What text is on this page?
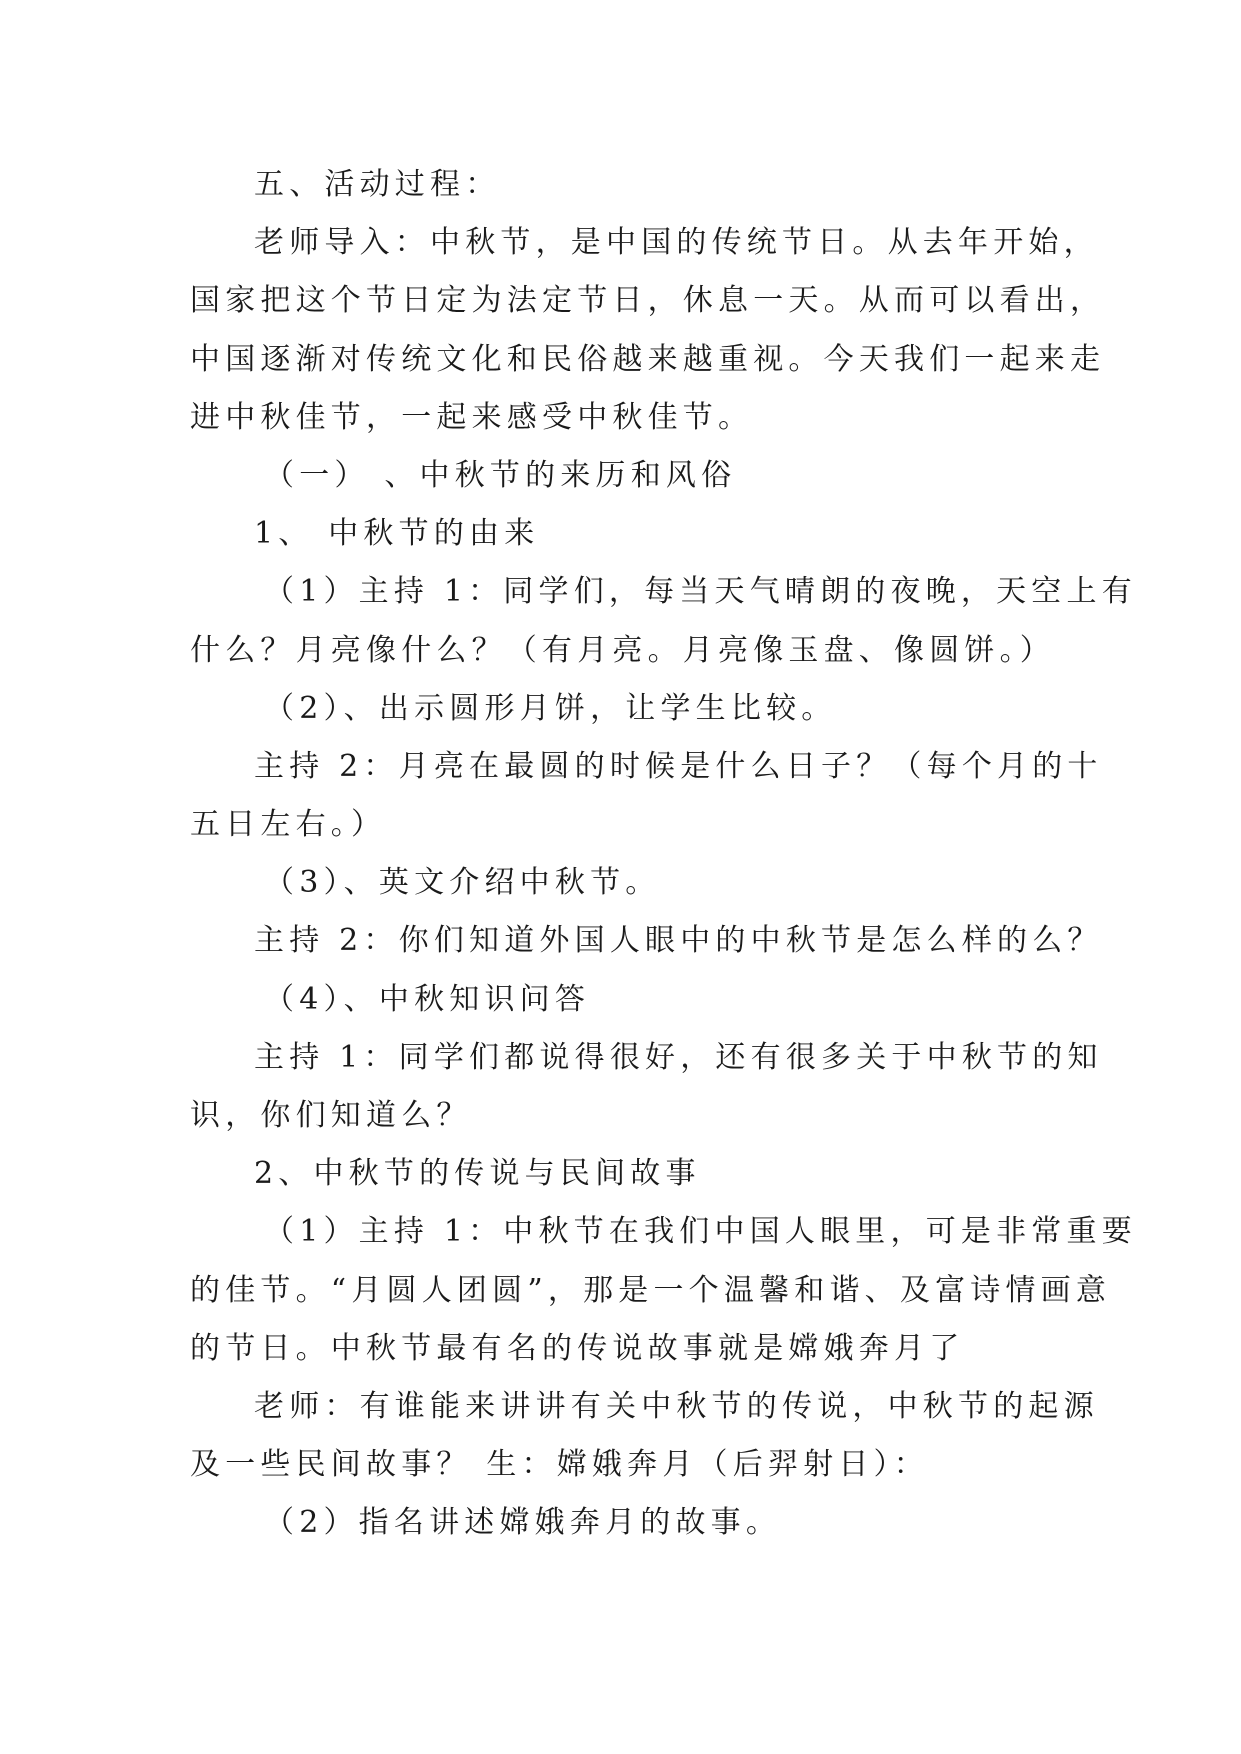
五、活动过程：
老师导入：中秋节，是中国的传统节日。从去年开始，
国家把这个节日定为法定节日，休息一天。从而可以看出，
中国逐渐对传统文化和民俗越来越重视。今天我们一起来走
进中秋佳节，一起来感受中秋佳节。
（一） 、中秋节的来历和风俗
1、 中秋节的由来
（1）主持 1：同学们，每当天气晴朗的夜晚，天空上有
什么？月亮像什么？（有月亮。月亮像玉盘、像圆饼。）
（2）、出示圆形月饼，让学生比较。
主持 2：月亮在最圆的时候是什么日子？（每个月的十
五日左右。）
（3）、英文介绍中秋节。
主持 2：你们知道外国人眼中的中秋节是怎么样的么？
（4）、中秋知识问答
主持 1：同学们都说得很好，还有很多关于中秋节的知
识，你们知道么？
2、中秋节的传说与民间故事
（1）主持 1：中秋节在我们中国人眼里，可是非常重要
的佳节。“月圆人团圆”，那是一个温馨和谐、及富诗情画意
的节日。中秋节最有名的传说故事就是嫦娥奔月了
老师：有谁能来讲讲有关中秋节的传说，中秋节的起源
及一些民间故事？ 生：嫦娥奔月（后羿射日）：
（2）指名讲述嫦娥奔月的故事。
